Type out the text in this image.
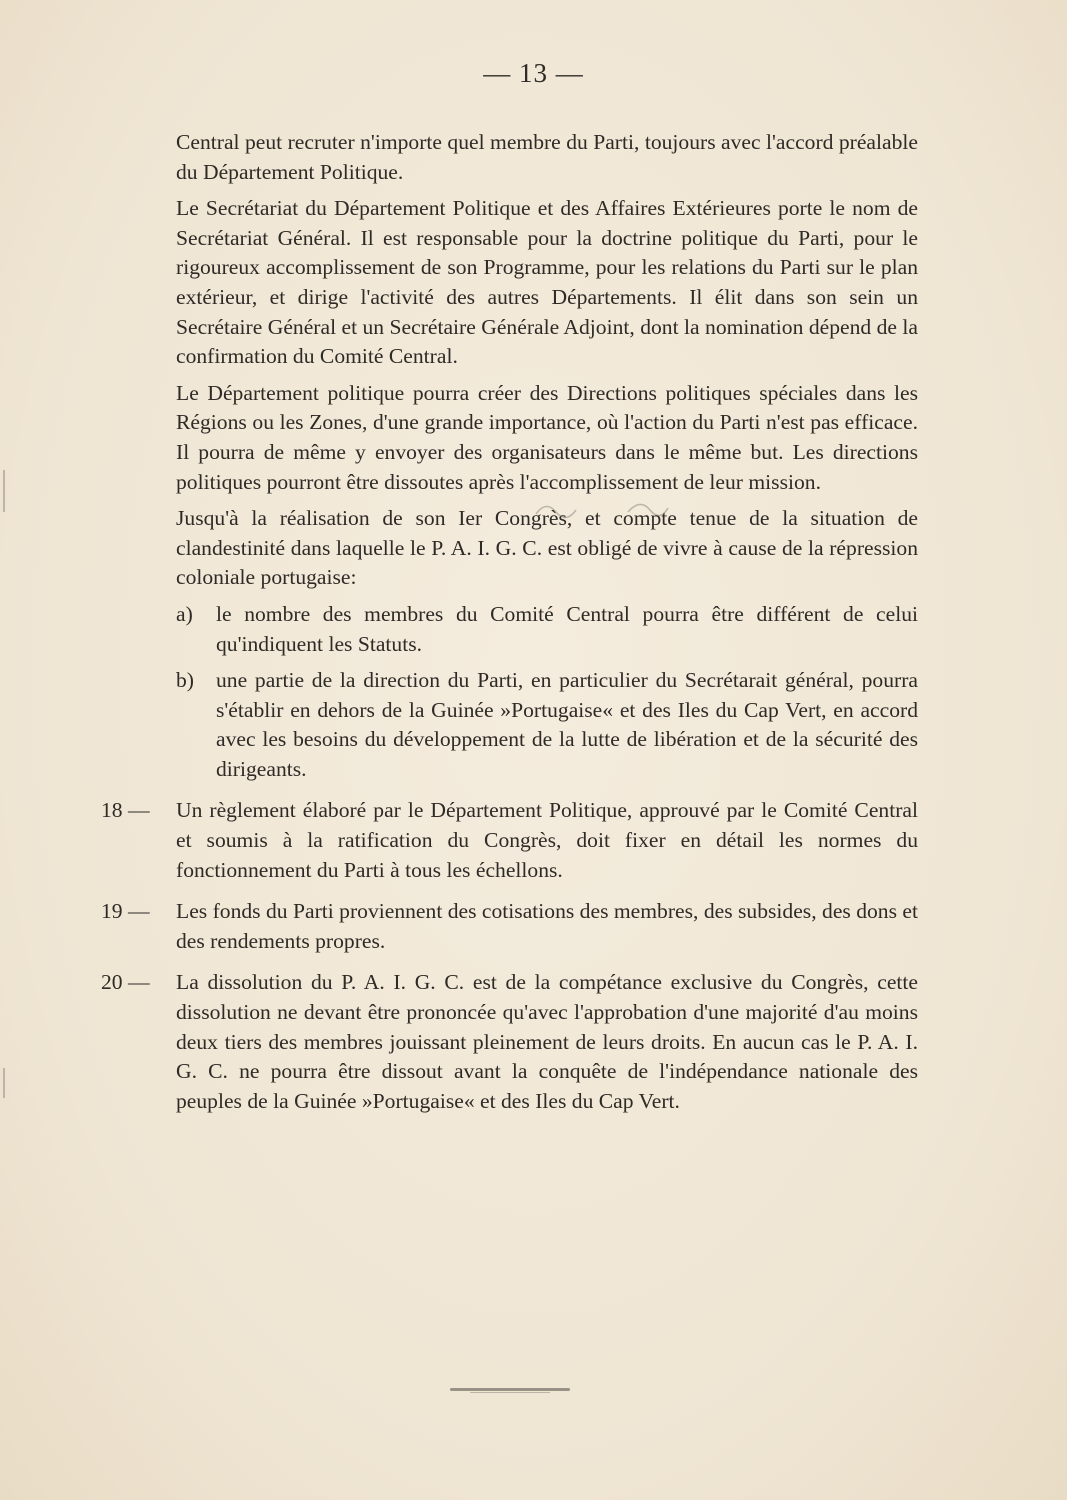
— 13 —

Central peut recruter n'importe quel membre du Parti, toujours avec l'accord préalable du Département Politique.

Le Secrétariat du Département Politique et des Affaires Extérieures porte le nom de Secrétariat Général. Il est responsable pour la doctrine politique du Parti, pour le rigoureux accomplissement de son Programme, pour les relations du Parti sur le plan extérieur, et dirige l'activité des autres Départements. Il élit dans son sein un Secrétaire Général et un Secrétaire Générale Adjoint, dont la nomination dépend de la confirmation du Comité Central.

Le Département politique pourra créer des Directions politiques spéciales dans les Régions ou les Zones, d'une grande importance, où l'action du Parti n'est pas efficace. Il pourra de même y envoyer des organisateurs dans le même but. Les directions politiques pourront être dissoutes après l'accomplissement de leur mission.

Jusqu'à la réalisation de son Ier Congrès, et compte tenue de la situation de clandestinité dans laquelle le P. A. I. G. C. est obligé de vivre à cause de la répression coloniale portugaise:

a) le nombre des membres du Comité Central pourra être différent de celui qu'indiquent les Statuts.
b) une partie de la direction du Parti, en particulier du Secrétarait général, pourra s'établir en dehors de la Guinée »Portugaise« et des Iles du Cap Vert, en accord avec les besoins du développement de la lutte de libération et de la sécurité des dirigeants.
18 —	Un règlement élaboré par le Département Politique, approuvé par le Comité Central et soumis à la ratification du Congrès, doit fixer en détail les normes du fonctionnement du Parti à tous les échellons.
19 —	Les fonds du Parti proviennent des cotisations des membres, des subsides, des dons et des rendements propres.
20 —	La dissolution du P. A. I. G. C. est de la compétance exclusive du Congrès, cette dissolution ne devant être prononcée qu'avec l'approbation d'une majorité d'au moins deux tiers des membres jouissant pleinement de leurs droits. En aucun cas le P. A. I. G. C. ne pourra être dissout avant la conquête de l'indépendance nationale des peuples de la Guinée »Portugaise« et des Iles du Cap Vert.
